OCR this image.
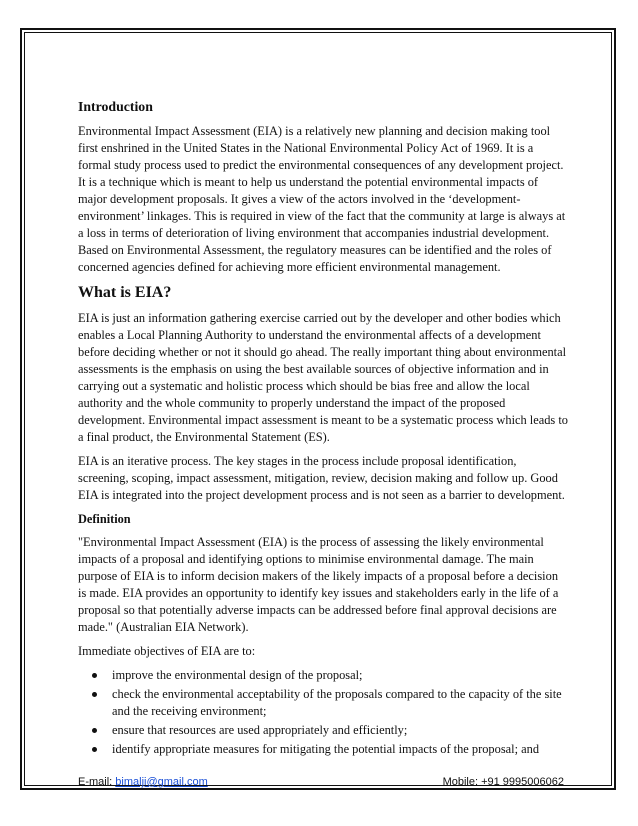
Introduction

Environmental Impact Assessment (EIA) is a relatively new planning and decision making tool first enshrined in the United States in the National Environmental Policy Act of 1969. It is a formal study process used to predict the environmental consequences of any development project. It is a technique which is meant to help us understand the potential environmental impacts of major development proposals. It gives a view of the actors involved in the ‘development-environment’ linkages. This is required in view of the fact that the community at large is always at a loss in terms of deterioration of living environment that accompanies industrial development. Based on Environmental Assessment, the regulatory measures can be identified and the roles of concerned agencies defined for achieving more efficient environmental management.

What is EIA?

EIA is just an information gathering exercise carried out by the developer and other bodies which enables a Local Planning Authority to understand the environmental affects of a development before deciding whether or not it should go ahead. The really important thing about environmental assessments is the emphasis on using the best available sources of objective information and in carrying out a systematic and holistic process which should be bias free and allow the local authority and the whole community to properly understand the impact of the proposed development. Environmental impact assessment is meant to be a systematic process which leads to a final product, the Environmental Statement (ES).

EIA is an iterative process. The key stages in the process include proposal identification, screening, scoping, impact assessment, mitigation, review, decision making and follow up. Good EIA is integrated into the project development process and is not seen as a barrier to development.

Definition

"Environmental Impact Assessment (EIA) is the process of assessing the likely environmental impacts of a proposal and identifying options to minimise environmental damage. The main purpose of EIA is to inform decision makers of the likely impacts of a proposal before a decision is made. EIA provides an opportunity to identify key issues and stakeholders early in the life of a proposal so that potentially adverse impacts can be addressed before final approval decisions are made." (Australian EIA Network).

Immediate objectives of EIA are to:

improve the environmental design of the proposal;
check the environmental acceptability of the proposals compared to the capacity of the site and the receiving environment;
ensure that resources are used appropriately and efficiently;
identify appropriate measures for mitigating the potential impacts of the proposal; and
E-mail: bimalji@gmail.com	Mobile: +91 9995006062
